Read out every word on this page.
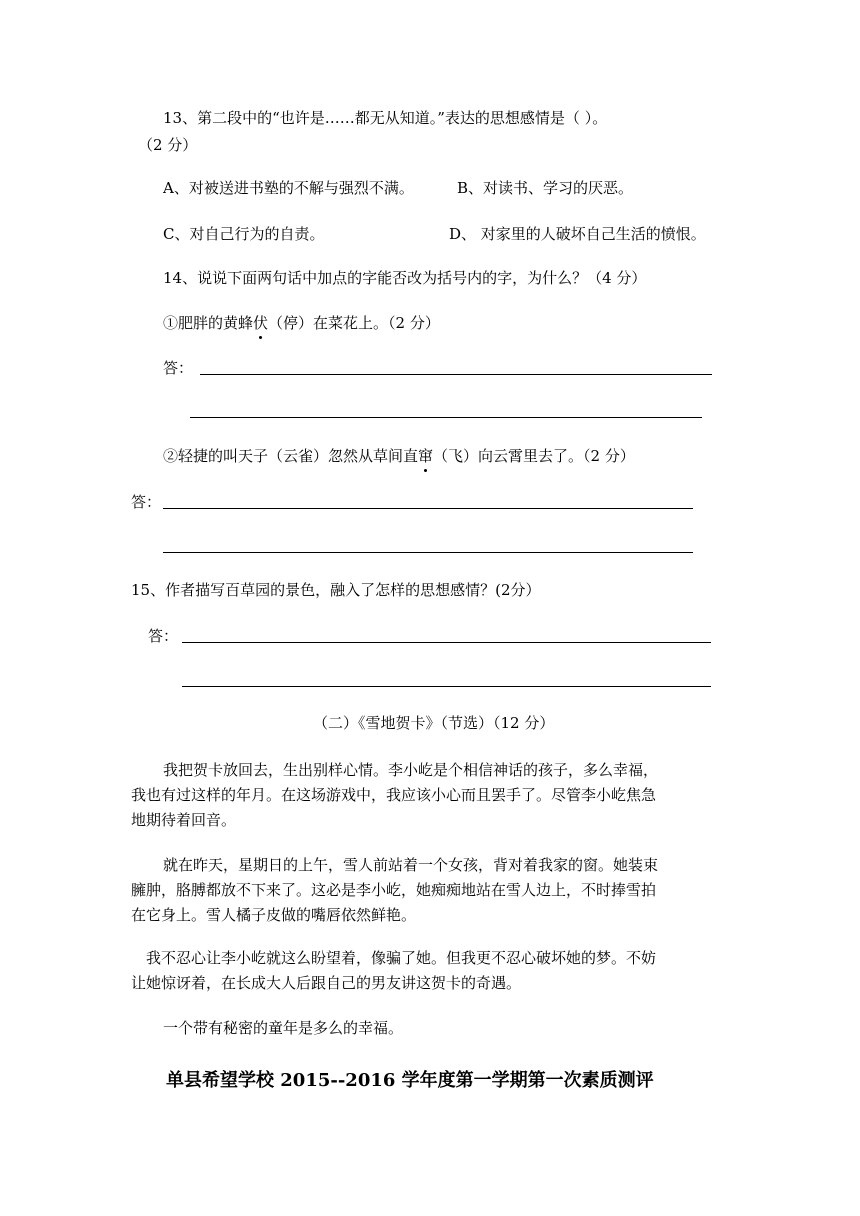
13、第二段中的“也许是……都无从知道。”表达的思想感情是（ ）。
（2 分）
A、对被送进书塾的不解与强烈不满。	B、对读书、学习的厌恶。
C、对自己行为的自责。	D、 对家里的人破坏自己生活的愤恨。
14、说说下面两句话中加点的字能否改为括号内的字，为什么？（4 分）
①肥胖的黄蜂伏（停）在菜花上。（2 分）
答：
②轻捷的叫天子（云雀）忽然从草间直窜（飞）向云霄里去了。（2 分）
答：
15、作者描写百草园的景色，融入了怎样的思想感情？(2分）
答：
（二）《雪地贺卡》（节选）（12 分）
我把贺卡放回去，生出别样心情。李小屹是个相信神话的孩子，多么幸福，
我也有过这样的年月。在这场游戏中，我应该小心而且罢手了。尽管李小屹焦急
地期待着回音。
就在昨天，星期日的上午，雪人前站着一个女孩，背对着我家的窗。她装束
臃肿，胳膊都放不下来了。这必是李小屹，她痴痴地站在雪人边上，不时捧雪拍
在它身上。雪人橘子皮做的嘴唇依然鲜艳。
我不忍心让李小屹就这么盼望着，像骗了她。但我更不忍心破坏她的梦。不妨
让她惊讶着，在长成大人后跟自己的男友讲这贺卡的奇遇。
一个带有秘密的童年是多么的幸福。
单县希望学校 2015--2016 学年度第一学期第一次素质测评
